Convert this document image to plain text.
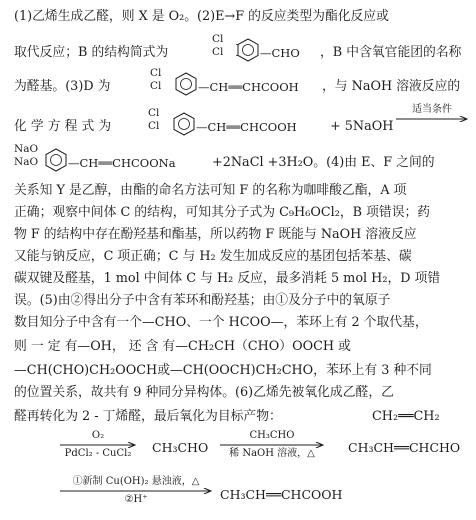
(1)乙烯生成乙醛，则 X 是 O₂。(2)E→F 的反应类型为酯化反应或
取代反应；B 的结构简式为
Cl
Cl	—CHO ，B 中含氧官能团的名称
为醛基。(3)D 为
Cl
Cl	—CH══CHCOOH ，与 NaOH 溶液反应的
化 学 方 程 式 为
Cl
Cl	—CH══CHCOOH	+ 5NaOH
适当条件
NaO
NaO	—CH══CHCOONa	+2NaCl +3H₂O。(4)由 E、F 之间的
关系知 Y 是乙醇，由酯的命名方法可知 F 的名称为咖啡酸乙酯，A 项
正确；观察中间体 C 的结构，可知其分子式为 C₉H₆OCl₂，B 项错误；药
物 F 的结构中存在酚羟基和酯基，所以药物 F 既能与 NaOH 溶液反应
又能与钠反应，C 项正确；C 与 H₂ 发生加成反应的基团包括苯基、碳
碳双键及醛基，1 mol 中间体 C 与 H₂ 反应，最多消耗 5 mol H₂，D 项错
误。(5)由②得出分子中含有苯环和酚羟基；由①及分子中的氧原子
数目知分子中含有一个—CHO、一个 HCOO—，苯环上有 2 个取代基，
则 一 定 有—OH， 还 含 有—CH₂CH（CHO）OOCH 或
—CH(CHO)CH₂OOCH或—CH(OOCH)CH₂CHO，苯环上有 3 种不同
的位置关系，故共有 9 种同分异构体。(6)乙烯先被氧化成乙醛，乙
醛再转化为 2 - 丁烯醛，最后氧化为目标产物：	CH₂══CH₂
O₂
PdCl₂ - CuCl₂	CH₃CHO
CH₃CHO
稀 NaOH 溶液，△	CH₃CH══CHCHO
①新制 Cu(OH)₂ 悬浊液，△
②H⁺	CH₃CH══CHCOOH
